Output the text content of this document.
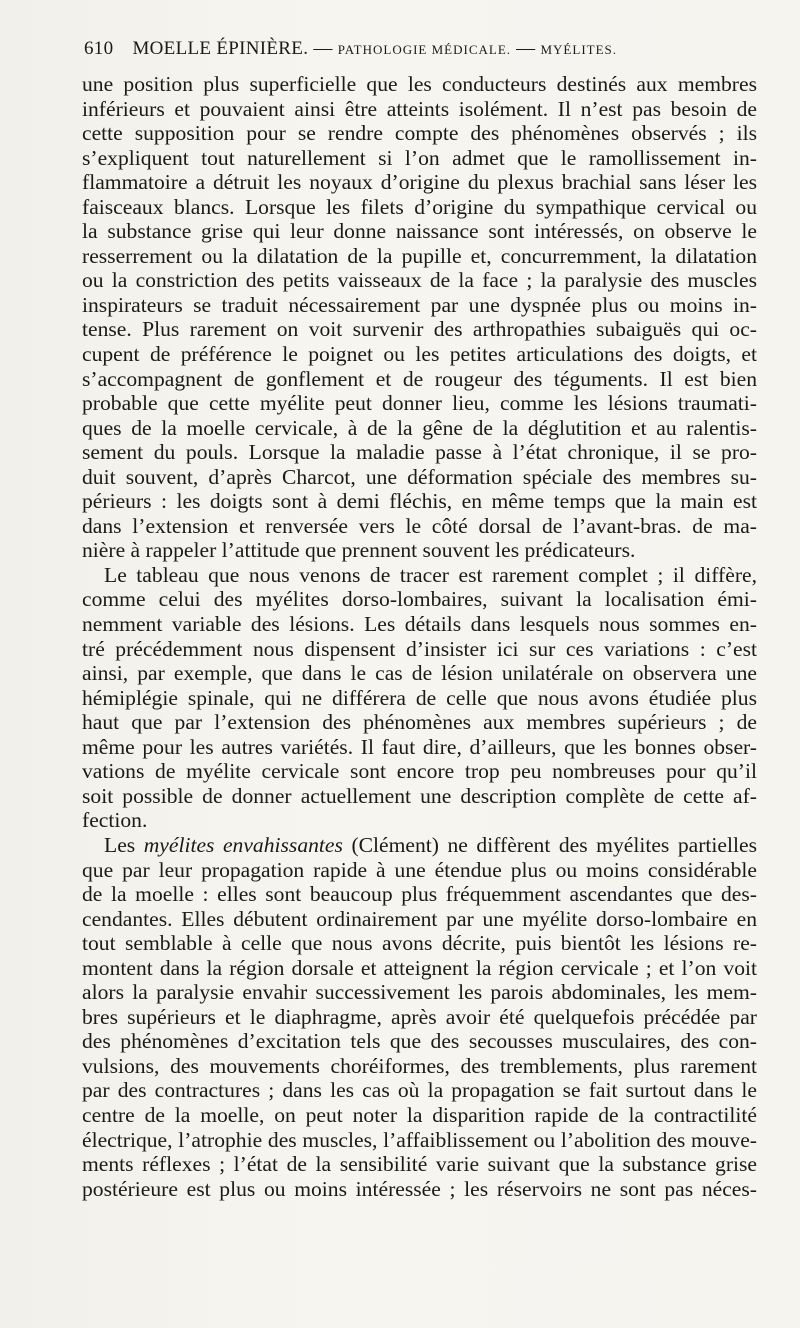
610 MOELLE ÉPINIÈRE. — PATHOLOGIE MÉDICALE. — MYÉLITES.
une position plus superficielle que les conducteurs destinés aux membres
inférieurs et pouvaient ainsi être atteints isolément. Il n’est pas besoin de
cette supposition pour se rendre compte des phénomènes observés ; ils
s’expliquent tout naturellement si l’on admet que le ramollissement in-
flammatoire a détruit les noyaux d’origine du plexus brachial sans léser les
faisceaux blancs. Lorsque les filets d’origine du sympathique cervical ou
la substance grise qui leur donne naissance sont intéressés, on observe le
resserrement ou la dilatation de la pupille et, concurremment, la dilatation
ou la constriction des petits vaisseaux de la face ; la paralysie des muscles
inspirateurs se traduit nécessairement par une dyspnée plus ou moins in-
tense. Plus rarement on voit survenir des arthropathies subaiguës qui oc-
cupent de préférence le poignet ou les petites articulations des doigts, et
s’accompagnent de gonflement et de rougeur des téguments. Il est bien
probable que cette myélite peut donner lieu, comme les lésions traumati-
ques de la moelle cervicale, à de la gêne de la déglutition et au ralentis-
sement du pouls. Lorsque la maladie passe à l’état chronique, il se pro-
duit souvent, d’après Charcot, une déformation spéciale des membres su-
périeurs : les doigts sont à demi fléchis, en même temps que la main est
dans l’extension et renversée vers le côté dorsal de l’avant-bras. de ma-
nière à rappeler l’attitude que prennent souvent les prédicateurs.
Le tableau que nous venons de tracer est rarement complet ; il diffère,
comme celui des myélites dorso-lombaires, suivant la localisation émi-
nemment variable des lésions. Les détails dans lesquels nous sommes en-
tré précédemment nous dispensent d’insister ici sur ces variations : c’est
ainsi, par exemple, que dans le cas de lésion unilatérale on observera une
hémiplégie spinale, qui ne différera de celle que nous avons étudiée plus
haut que par l’extension des phénomènes aux membres supérieurs ; de
même pour les autres variétés. Il faut dire, d’ailleurs, que les bonnes obser-
vations de myélite cervicale sont encore trop peu nombreuses pour qu’il
soit possible de donner actuellement une description complète de cette af-
fection.
Les myélites envahissantes (Clément) ne diffèrent des myélites partielles
que par leur propagation rapide à une étendue plus ou moins considérable
de la moelle : elles sont beaucoup plus fréquemment ascendantes que des-
cendantes. Elles débutent ordinairement par une myélite dorso-lombaire en
tout semblable à celle que nous avons décrite, puis bientôt les lésions re-
montent dans la région dorsale et atteignent la région cervicale ; et l’on voit
alors la paralysie envahir successivement les parois abdominales, les mem-
bres supérieurs et le diaphragme, après avoir été quelquefois précédée par
des phénomènes d’excitation tels que des secousses musculaires, des con-
vulsions, des mouvements choréiformes, des tremblements, plus rarement
par des contractures ; dans les cas où la propagation se fait surtout dans le
centre de la moelle, on peut noter la disparition rapide de la contractilité
électrique, l’atrophie des muscles, l’affaiblissement ou l’abolition des mouve-
ments réflexes ; l’état de la sensibilité varie suivant que la substance grise
postérieure est plus ou moins intéressée ; les réservoirs ne sont pas néces-
